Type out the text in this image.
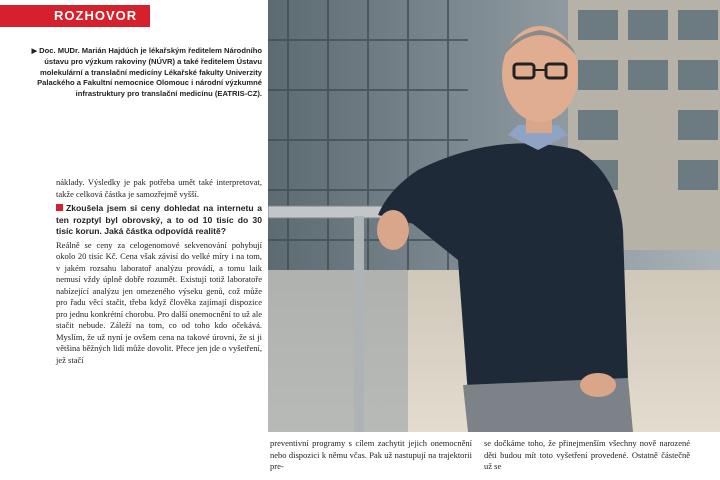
ROZHOVOR
▶ Doc. MUDr. Marián Hajdúch je lékařským ředitelem Národního ústavu pro výzkum rakoviny (NÚVR) a také ředitelem Ústavu molekulární a translační medicíny Lékařské fakulty Univerzity Palackého a Fakultní nemocnice Olomouc i národní výzkumné infrastruktury pro translační medicínu (EATRIS-CZ).

náklady. Výsledky je pak potřeba umět také interpretovat, takže celková částka je samozřejmě vyšší.

Zkoušela jsem si ceny dohledat na internetu a ten rozptyl byl obrovský, a to od 10 tisíc do 30 tisíc korun. Jaká částka odpovídá realitě?

Reálně se ceny za celogenomové sekvenování pohybují okolo 20 tisíc Kč. Cena však závisí do velké míry i na tom, v jakém rozsahu laboratoř analýzu provádí, a tomu laik nemusí vždy úplně dobře rozumět. Existují totiž laboratoře nabízející analýzu jen omezeného výseku genů, což může pro řadu věcí stačit, třeba když člověka zajímají dispozice pro jednu konkrétní chorobu. Pro další onemocnění to už ale stačit nebude. Záleží na tom, co od toho kdo očekává. Myslím, že už nyní je ovšem cena na takové úrovni, že si ji většina běžných lidí může dovolit. Přece jen jde o vyšetření, jež stačí

preventivní programy s cílem zachytit jejich onemocnění nebo dispozici k němu včas. Pak už nastupují na trajektorii pre-

se dočkáme toho, že přinejmenším všechny nově narozené děti budou mít toto vyšetření provedené. Ostatně částečně už se
